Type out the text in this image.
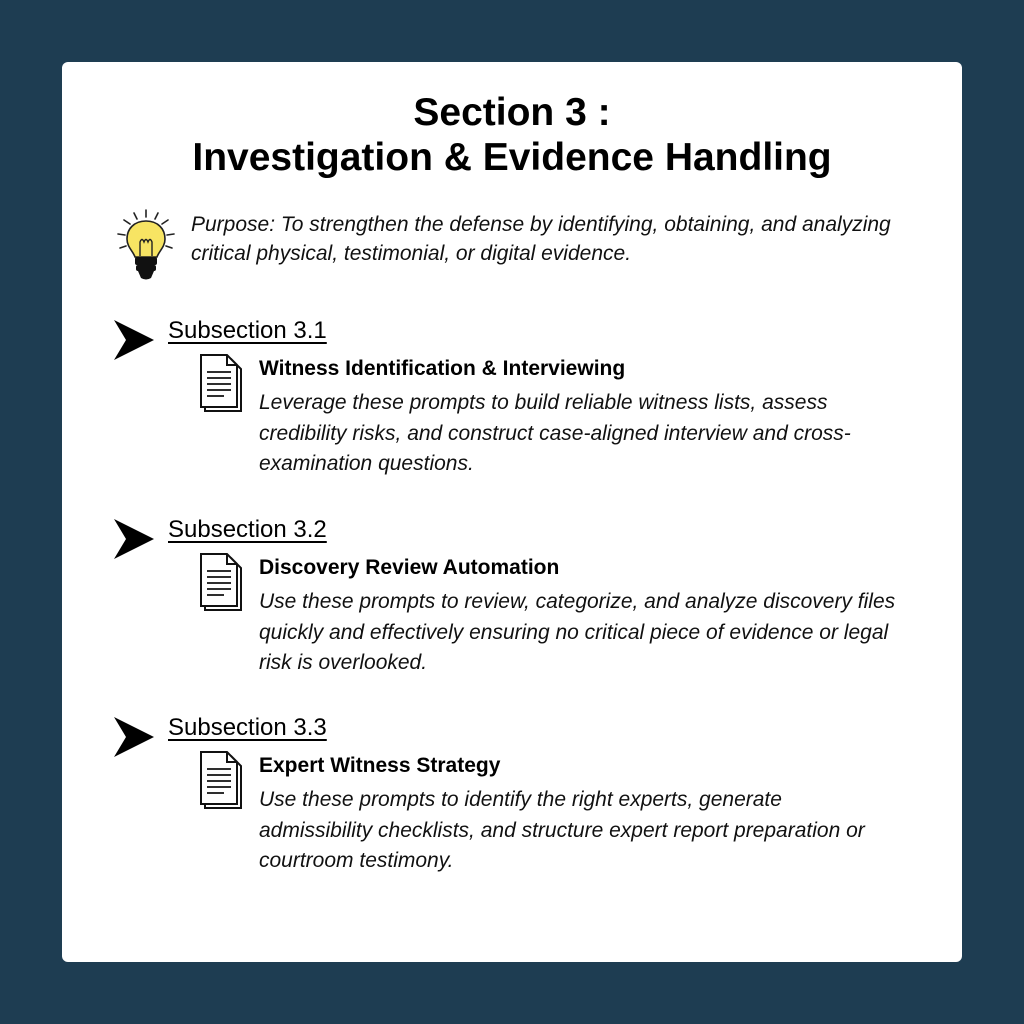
Section 3 :
Investigation & Evidence Handling

Purpose: To strengthen the defense by identifying, obtaining, and analyzing critical physical, testimonial, or digital evidence.

Subsection 3.1

Witness Identification & Interviewing

Leverage these prompts to build reliable witness lists, assess credibility risks, and construct case-aligned interview and cross-examination questions.

Subsection 3.2

Discovery Review Automation

Use these prompts to review, categorize, and analyze discovery files quickly and effectively ensuring no critical piece of evidence or legal risk is overlooked.

Subsection 3.3

Expert Witness Strategy

Use these prompts to identify the right experts, generate admissibility checklists, and structure expert report preparation or courtroom testimony.
